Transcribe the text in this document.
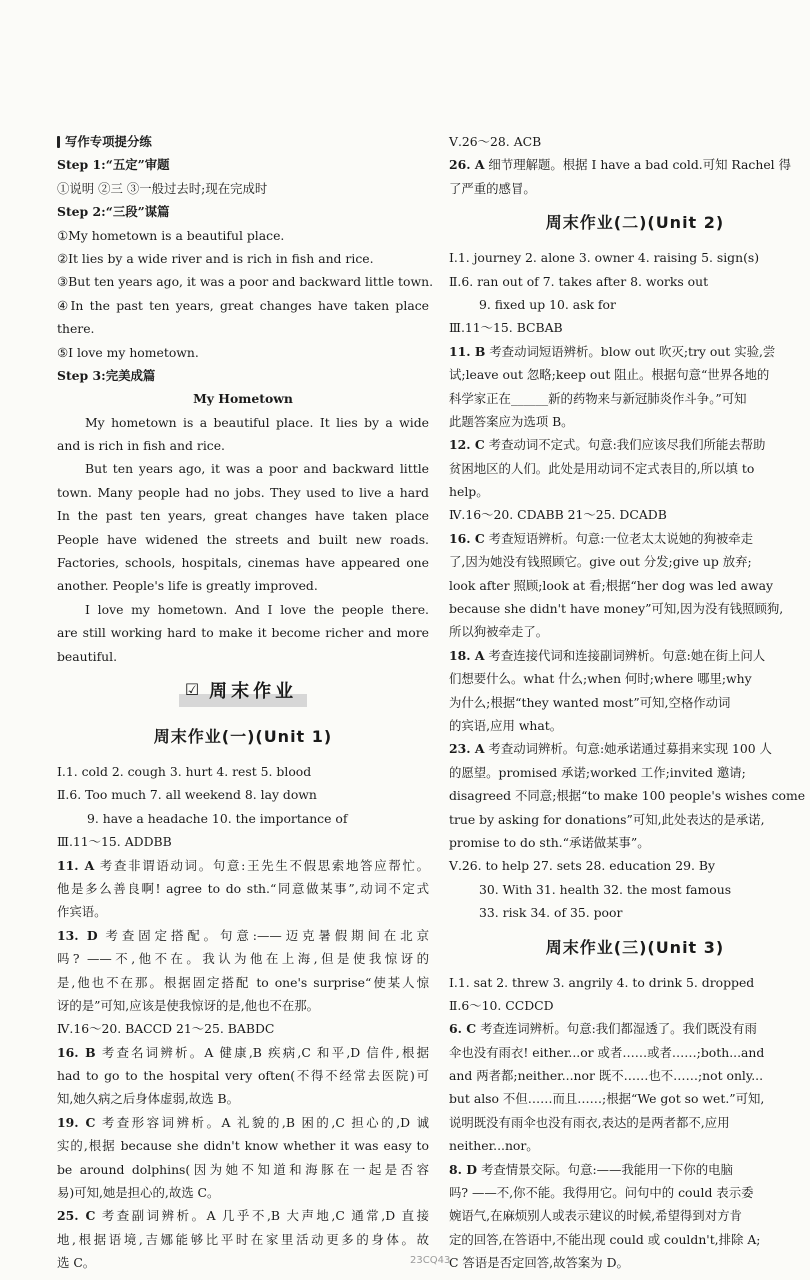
写作专项提分练
Step 1:“五定”审题
①说明 ②三 ③一般过去时;现在完成时
Step 2:“三段”谋篇
①My hometown is a beautiful place.
②It lies by a wide river and is rich in fish and rice.
③But ten years ago, it was a poor and backward little town.
④In the past ten years, great changes have taken place
there.
⑤I love my hometown.
Step 3:完美成篇
My Hometown
My hometown is a beautiful place. It lies by a wide
and is rich in fish and rice.
But ten years ago, it was a poor and backward little
town. Many people had no jobs. They used to live a hard
In the past ten years, great changes have taken place
People have widened the streets and built new roads.
Factories, schools, hospitals, cinemas have appeared one
another. People's life is greatly improved.
I love my hometown. And I love the people there.
are still working hard to make it become richer and more
beautiful.
☑ 周末作业
周末作业(一)(Unit 1)
Ⅰ.1. cold 2. cough 3. hurt 4. rest 5. blood
Ⅱ.6. Too much 7. all weekend 8. lay down
9. have a headache 10. the importance of
Ⅲ.11～15. ADDBB
11. A 考查非谓语动词。句意:王先生不假思索地答应帮忙。
他是多么善良啊! agree to do sth.“同意做某事”,动词不定式
作宾语。
13. D 考查固定搭配。句意:——迈克暑假期间在北京
吗? ——不,他不在。我认为他在上海,但是使我惊讶的
是,他也不在那。根据固定搭配 to one's surprise“使某人惊
讶的是”可知,应该是使我惊讶的是,他也不在那。
Ⅳ.16～20. BACCD 21～25. BABDC
16. B 考查名词辨析。A 健康,B 疾病,C 和平,D 信件,根据
had to go to the hospital very often(不得不经常去医院)可
知,她久病之后身体虚弱,故选 B。
19. C 考查形容词辨析。A 礼貌的,B 困的,C 担心的,D 诚
实的,根据 because she didn't know whether it was easy to
be around dolphins(因为她不知道和海豚在一起是否容
易)可知,她是担心的,故选 C。
25. C 考查副词辨析。A 几乎不,B 大声地,C 通常,D 直接
地,根据语境,吉娜能够比平时在家里活动更多的身体。故
选 C。
Ⅴ.26～28. ACB
26. A 细节理解题。根据 I have a bad cold.可知 Rachel 得
了严重的感冒。
周末作业(二)(Unit 2)
Ⅰ.1. journey 2. alone 3. owner 4. raising 5. sign(s)
Ⅱ.6. ran out of 7. takes after 8. works out
9. fixed up 10. ask for
Ⅲ.11～15. BCBAB
11. B 考查动词短语辨析。blow out 吹灭;try out 实验,尝
试;leave out 忽略;keep out 阻止。根据句意“世界各地的
科学家正在______新的药物来与新冠肺炎作斗争。”可知
此题答案应为选项 B。
12. C 考查动词不定式。句意:我们应该尽我们所能去帮助
贫困地区的人们。此处是用动词不定式表目的,所以填 to
help。
Ⅳ.16～20. CDABB 21～25. DCADB
16. C 考查短语辨析。句意:一位老太太说她的狗被牵走
了,因为她没有钱照顾它。give out 分发;give up 放弃;
look after 照顾;look at 看;根据“her dog was led away
because she didn't have money”可知,因为没有钱照顾狗,
所以狗被牵走了。
18. A 考查连接代词和连接副词辨析。句意:她在街上问人
们想要什么。what 什么;when 何时;where 哪里;why
为什么;根据“they wanted most”可知,空格作动词
的宾语,应用 what。
23. A 考查动词辨析。句意:她承诺通过募捐来实现 100 人
的愿望。promised 承诺;worked 工作;invited 邀请;
disagreed 不同意;根据“to make 100 people's wishes come
true by asking for donations”可知,此处表达的是承诺,
promise to do sth.“承诺做某事”。
Ⅴ.26. to help 27. sets 28. education 29. By
30. With 31. health 32. the most famous
33. risk 34. of 35. poor
周末作业(三)(Unit 3)
Ⅰ.1. sat 2. threw 3. angrily 4. to drink 5. dropped
Ⅱ.6～10. CCDCD
6. C 考查连词辨析。句意:我们都湿透了。我们既没有雨
伞也没有雨衣! either...or 或者……或者……;both...and
and 两者都;neither...nor 既不……也不……;not only...
but also 不但……而且……;根据“We got so wet.”可知,
说明既没有雨伞也没有雨衣,表达的是两者都不,应用
neither...nor。
8. D 考查情景交际。句意:——我能用一下你的电脑
吗? ——不,你不能。我得用它。问句中的 could 表示委
婉语气,在麻烦别人或表示建议的时候,希望得到对方肯
定的回答,在答语中,不能出现 could 或 couldn't,排除 A;
C 答语是否定回答,故答案为 D。
23CQ43
